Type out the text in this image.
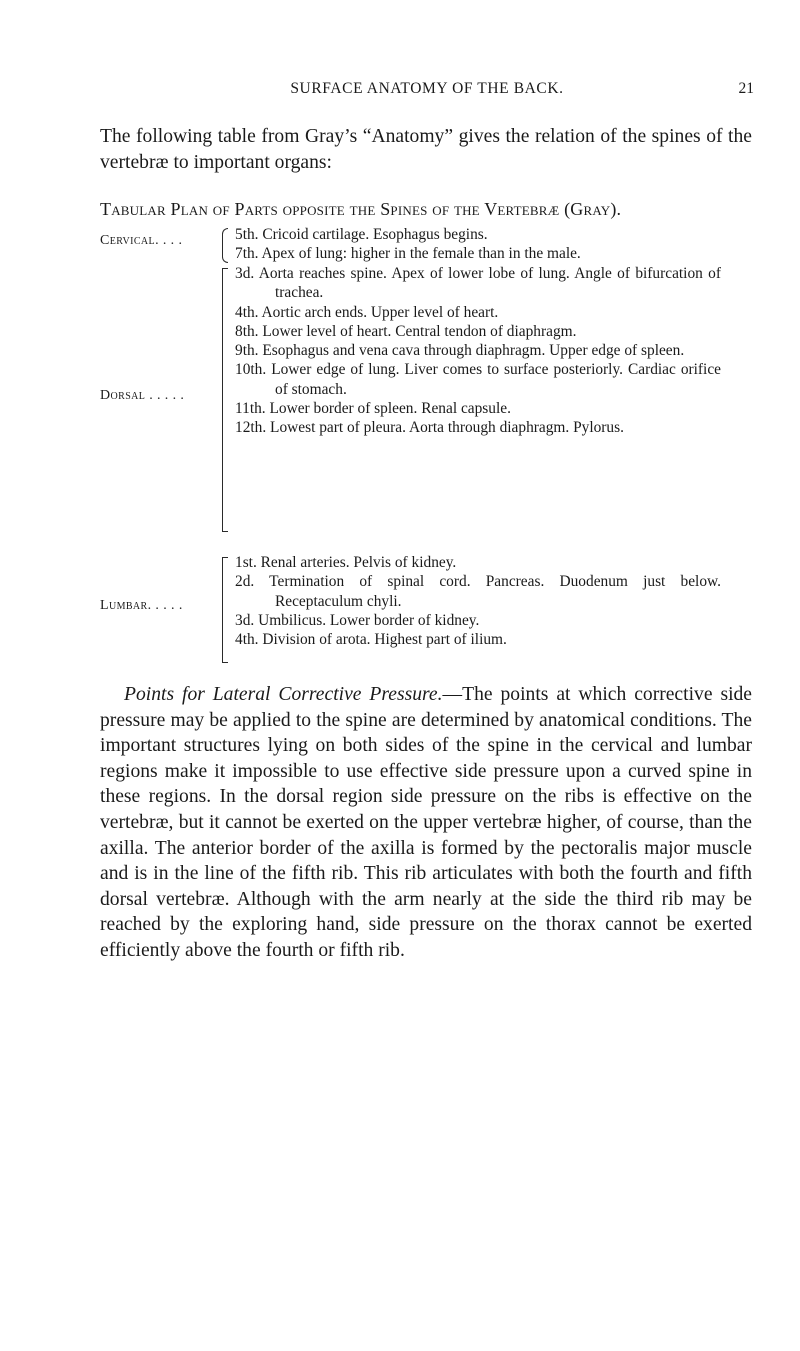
SURFACE ANATOMY OF THE BACK.	21

The following table from Gray’s “Anatomy” gives the relation of the spines of the vertebræ to important organs:

Tabular Plan of Parts opposite the Spines of the Vertebræ (Gray).
Cervical. . . .	5th. Cricoid cartilage. Esophagus begins.
7th. Apex of lung: higher in the female than in the male.
Dorsal . . . . .
3d. Aorta reaches spine. Apex of lower lobe of lung. Angle of bifurcation of trachea.
4th. Aortic arch ends. Upper level of heart.
8th. Lower level of heart. Central tendon of diaphragm.
9th. Esophagus and vena cava through diaphragm. Upper edge of spleen.
10th. Lower edge of lung. Liver comes to surface posteriorly. Cardiac orifice of stomach.
11th. Lower border of spleen. Renal capsule.
12th. Lowest part of pleura. Aorta through diaphragm. Pylorus.
Lumbar. . . . .
1st. Renal arteries. Pelvis of kidney.
2d. Termination of spinal cord. Pancreas. Duodenum just below. Receptaculum chyli.
3d. Umbilicus. Lower border of kidney.
4th. Division of arota. Highest part of ilium.

Points for Lateral Corrective Pressure.—The points at which corrective side pressure may be applied to the spine are determined by anatomical conditions. The important structures lying on both sides of the spine in the cervical and lumbar regions make it impossible to use effective side pressure upon a curved spine in these regions. In the dorsal region side pressure on the ribs is effective on the vertebræ, but it cannot be exerted on the upper vertebræ higher, of course, than the axilla. The anterior border of the axilla is formed by the pectoralis major muscle and is in the line of the fifth rib. This rib articulates with both the fourth and fifth dorsal vertebræ. Although with the arm nearly at the side the third rib may be reached by the exploring hand, side pressure on the thorax cannot be exerted efficiently above the fourth or fifth rib.
